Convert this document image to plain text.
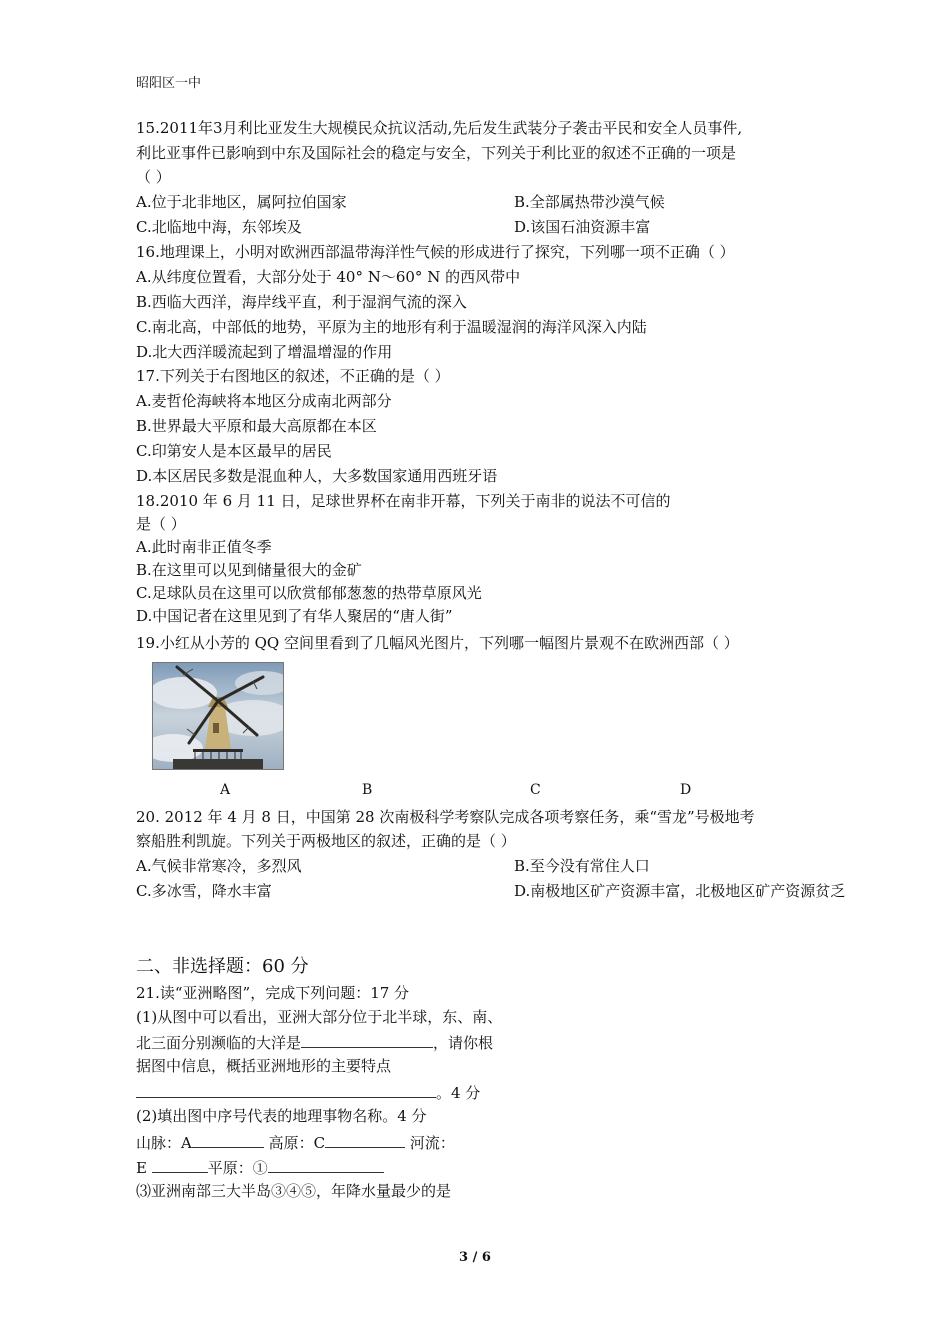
昭阳区一中
15.2011年3月利比亚发生大规模民众抗议活动,先后发生武装分子袭击平民和安全人员事件,
利比亚事件已影响到中东及国际社会的稳定与安全，下列关于利比亚的叙述不正确的一项是
（ ）
A.位于北非地区，属阿拉伯国家	B.全部属热带沙漠气候
C.北临地中海，东邻埃及	D.该国石油资源丰富
16.地理课上，小明对欧洲西部温带海洋性气候的形成进行了探究，下列哪一项不正确（ ）
A.从纬度位置看，大部分处于 40° N～60° N 的西风带中
B.西临大西洋，海岸线平直，利于湿润气流的深入
C.南北高，中部低的地势，平原为主的地形有利于温暖湿润的海洋风深入内陆
D.北大西洋暖流起到了增温增湿的作用
17.下列关于右图地区的叙述，不正确的是（ ）
A.麦哲伦海峡将本地区分成南北两部分
B.世界最大平原和最大高原都在本区
C.印第安人是本区最早的居民
D.本区居民多数是混血种人，大多数国家通用西班牙语
18.2010 年 6 月 11 日，足球世界杯在南非开幕，下列关于南非的说法不可信的
是（ ）
A.此时南非正值冬季
B.在这里可以见到储量很大的金矿
C.足球队员在这里可以欣赏郁郁葱葱的热带草原风光
D.中国记者在这里见到了有华人聚居的“唐人街”
19.小红从小芳的 QQ 空间里看到了几幅风光图片，下列哪一幅图片景观不在欧洲西部（ ）
A	B	C	D
20. 2012 年 4 月 8 日，中国第 28 次南极科学考察队完成各项考察任务，乘“雪龙”号极地考
察船胜利凯旋。下列关于两极地区的叙述，正确的是（ ）
A.气候非常寒冷，多烈风	B.至今没有常住人口
C.多冰雪，降水丰富	D.南极地区矿产资源丰富，北极地区矿产资源贫乏
二、非选择题：60 分
21.读“亚洲略图”，完成下列问题：17 分
(1)从图中可以看出，亚洲大部分位于北半球，东、南、
北三面分别濒临的大洋是	，请你根
据图中信息，概括亚洲地形的主要特点
。4 分
(2)填出图中序号代表的地理事物名称。4 分
山脉：A	高原：C	河流：
E	平原：①
⑶亚洲南部三大半岛③④⑤，年降水量最少的是
3 / 6
